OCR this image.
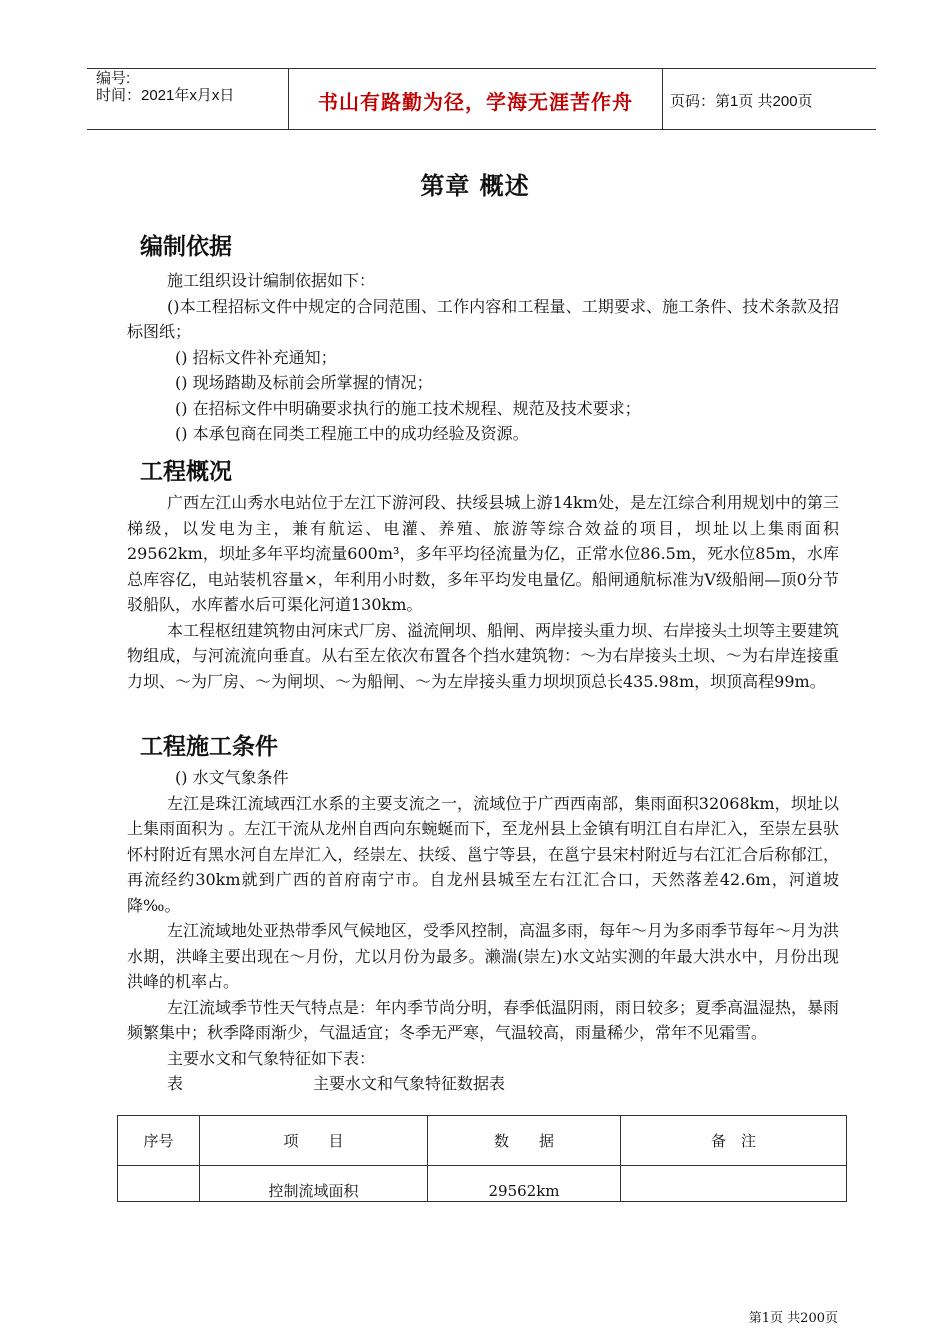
编号:
时间：2021年x月x日	书山有路勤为径，学海无涯苦作舟	页码：第1页 共200页
第章 概述
编制依据

施工组织设计编制依据如下：

()本工程招标文件中规定的合同范围、工作内容和工程量、工期要求、施工条件、技术条款及招标图纸；

() 招标文件补充通知；

() 现场踏勘及标前会所掌握的情况；

() 在招标文件中明确要求执行的施工技术规程、规范及技术要求；

() 本承包商在同类工程施工中的成功经验及资源。

工程概况

广西左江山秀水电站位于左江下游河段、扶绥县城上游14km处，是左江综合利用规划中的第三梯级，以发电为主，兼有航运、电灌、养殖、旅游等综合效益的项目，坝址以上集雨面积29562km，坝址多年平均流量600m³，多年平均径流量为亿，正常水位86.5m，死水位85m，水库总库容亿，电站装机容量×，年利用小时数，多年平均发电量亿。船闸通航标准为Ⅴ级船闸—顶0分节驳船队，水库蓄水后可渠化河道130km。

本工程枢纽建筑物由河床式厂房、溢流闸坝、船闸、两岸接头重力坝、右岸接头土坝等主要建筑物组成，与河流流向垂直。从右至左依次布置各个挡水建筑物：～为右岸接头土坝、～为右岸连接重力坝、～为厂房、～为闸坝、～为船闸、～为左岸接头重力坝坝顶总长435.98m，坝顶高程99m。

工程施工条件

() 水文气象条件

左江是珠江流域西江水系的主要支流之一，流域位于广西西南部，集雨面积32068km，坝址以上集雨面积为 。左江干流从龙州自西向东蜿蜒而下，至龙州县上金镇有明江自右岸汇入，至崇左县驮怀村附近有黑水河自左岸汇入，经崇左、扶绥、邕宁等县，在邕宁县宋村附近与右江汇合后称郁江，再流经约30km就到广西的首府南宁市。自龙州县城至左右江汇合口，天然落差42.6m，河道坡降‰。

左江流域地处亚热带季风气候地区，受季风控制，高温多雨，每年～月为多雨季节每年～月为洪水期，洪峰主要出现在～月份，尤以月份为最多。濑湍(崇左)水文站实测的年最大洪水中，月份出现洪峰的机率占。

左江流域季节性天气特点是：年内季节尚分明，春季低温阴雨，雨日较多；夏季高温湿热，暴雨频繁集中；秋季降雨渐少，气温适宜；冬季无严寒，气温较高，雨量稀少，常年不见霜雪。

主要水文和气象特征如下表：

表	主要水文和气象特征数据表

序号	项　　目	数　　据	备　注
	控制流域面积	29562km	
第1页 共200页
